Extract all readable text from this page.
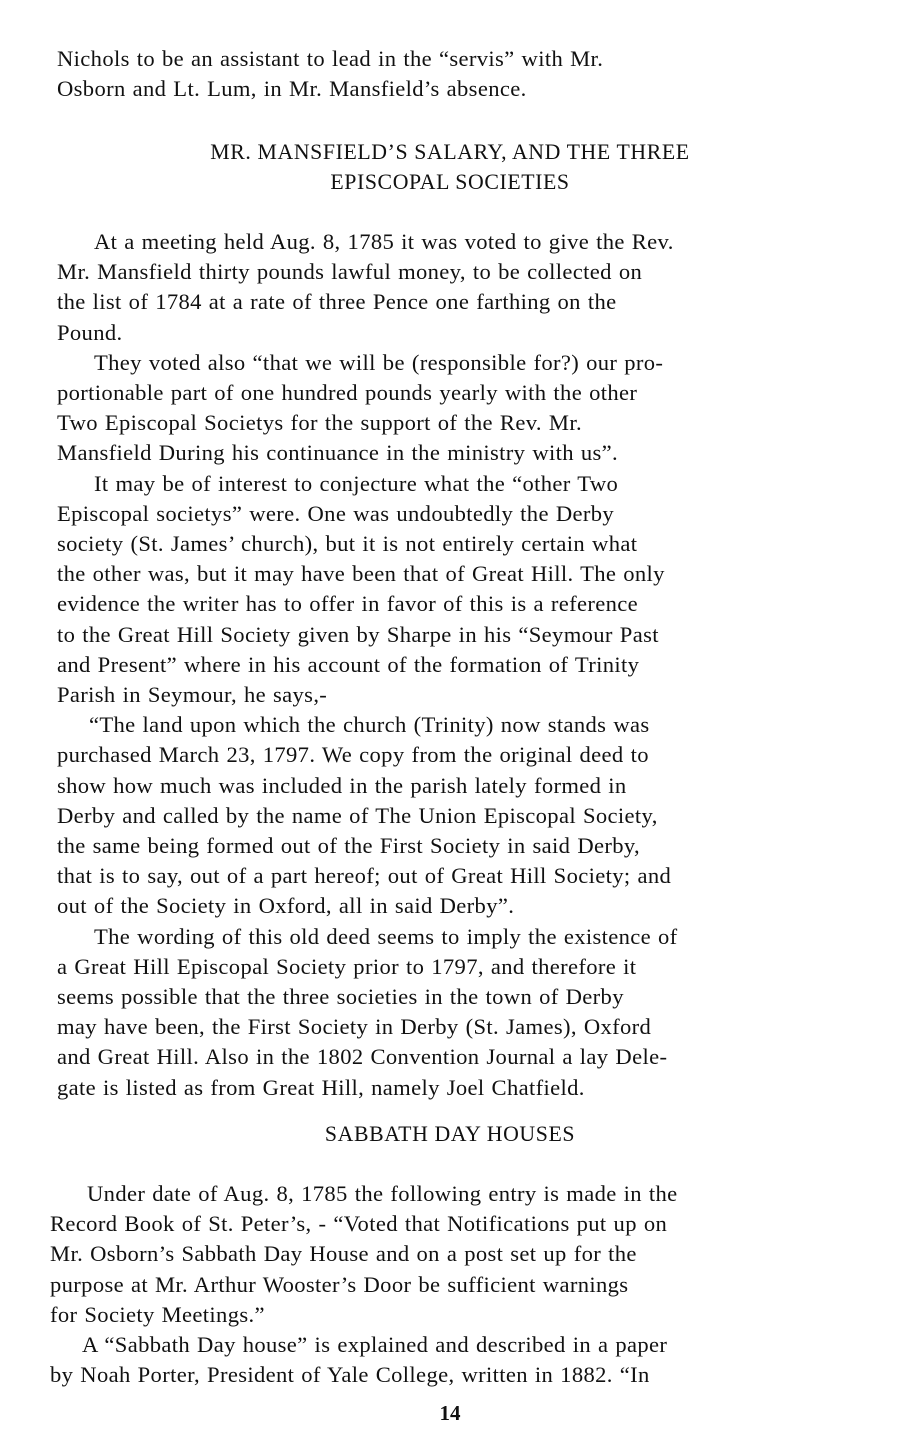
Nichols to be an assistant to lead in the “servis” with Mr.
Osborn and Lt. Lum, in Mr. Mansfield’s absence.
MR. MANSFIELD’S SALARY, AND THE THREE
EPISCOPAL SOCIETIES
At a meeting held Aug. 8, 1785 it was voted to give the Rev.
Mr. Mansfield thirty pounds lawful money, to be collected on
the list of 1784 at a rate of three Pence one farthing on the
Pound.
They voted also “that we will be (responsible for?) our pro-
portionable part of one hundred pounds yearly with the other
Two Episcopal Societys for the support of the Rev. Mr.
Mansfield During his continuance in the ministry with us”.
It may be of interest to conjecture what the “other Two
Episcopal societys” were. One was undoubtedly the Derby
society (St. James’ church), but it is not entirely certain what
the other was, but it may have been that of Great Hill. The only
evidence the writer has to offer in favor of this is a reference
to the Great Hill Society given by Sharpe in his “Seymour Past
and Present” where in his account of the formation of Trinity
Parish in Seymour, he says,-
“The land upon which the church (Trinity) now stands was
purchased March 23, 1797. We copy from the original deed to
show how much was included in the parish lately formed in
Derby and called by the name of The Union Episcopal Society,
the same being formed out of the First Society in said Derby,
that is to say, out of a part hereof; out of Great Hill Society; and
out of the Society in Oxford, all in said Derby”.
The wording of this old deed seems to imply the existence of
a Great Hill Episcopal Society prior to 1797, and therefore it
seems possible that the three societies in the town of Derby
may have been, the First Society in Derby (St. James), Oxford
and Great Hill. Also in the 1802 Convention Journal a lay Dele-
gate is listed as from Great Hill, namely Joel Chatfield.
SABBATH DAY HOUSES
Under date of Aug. 8, 1785 the following entry is made in the
Record Book of St. Peter’s, - “Voted that Notifications put up on
Mr. Osborn’s Sabbath Day House and on a post set up for the
purpose at Mr. Arthur Wooster’s Door be sufficient warnings
for Society Meetings.”
A “Sabbath Day house” is explained and described in a paper
by Noah Porter, President of Yale College, written in 1882. “In
14
